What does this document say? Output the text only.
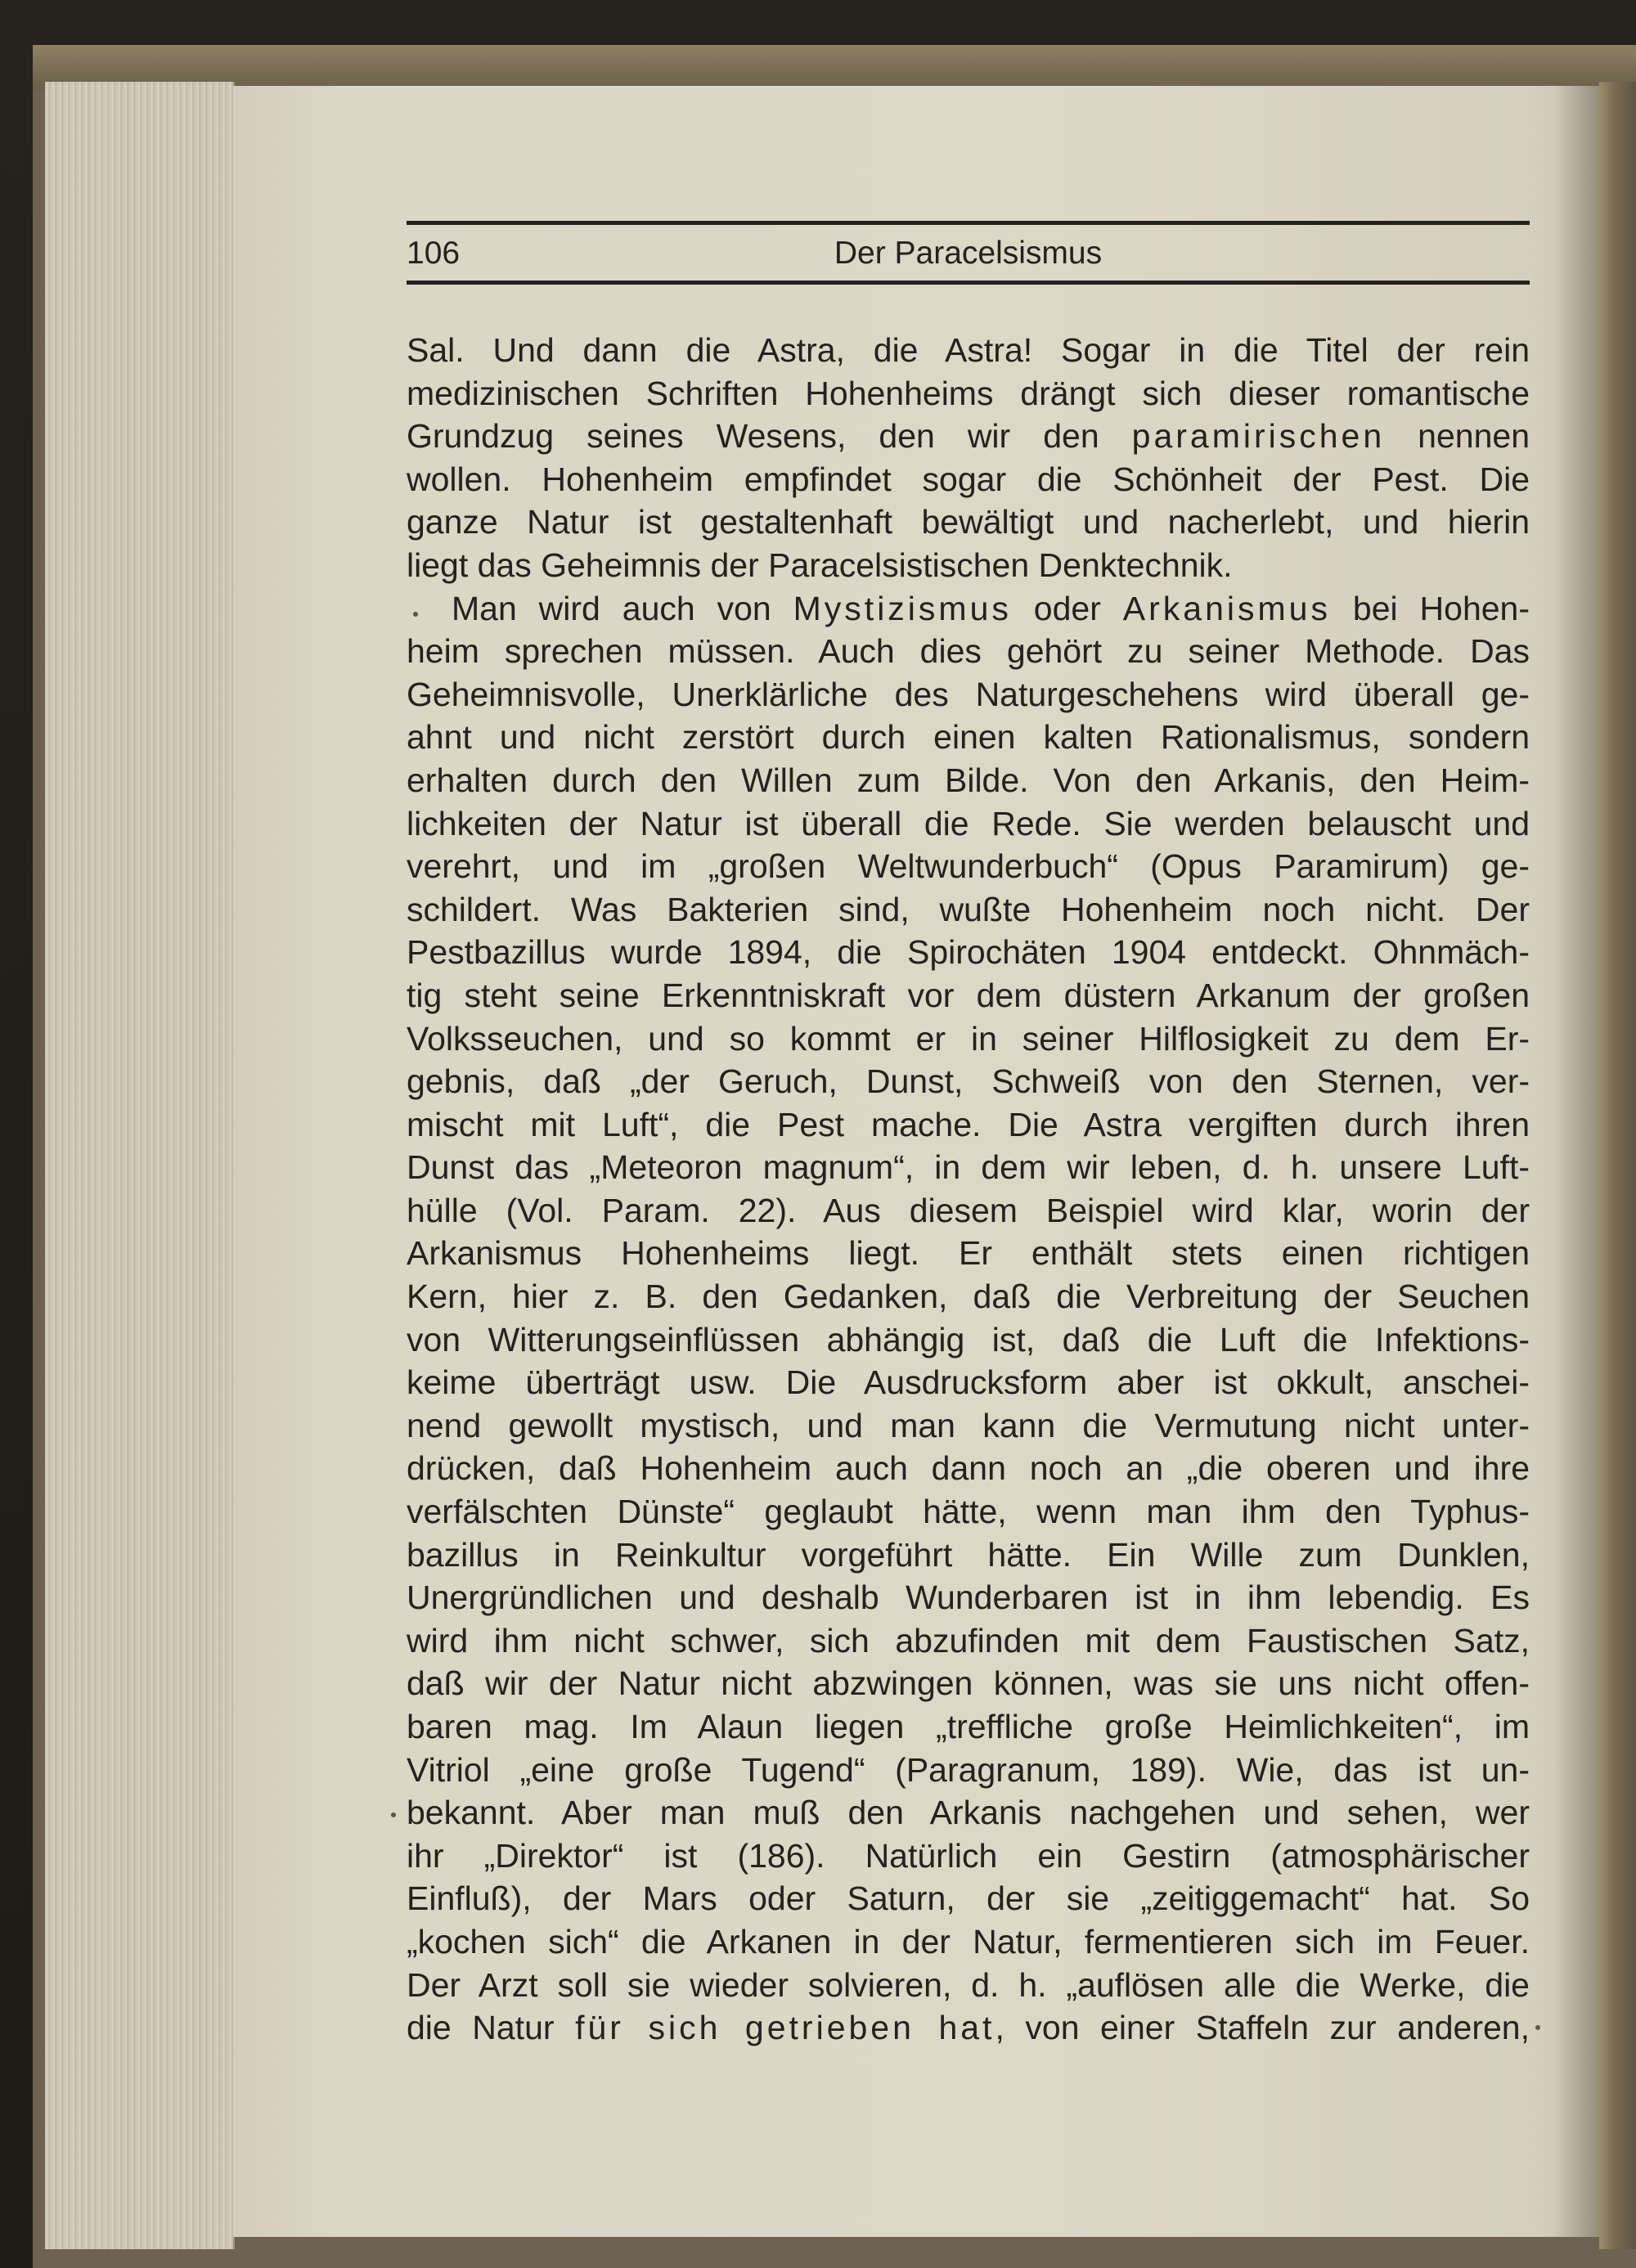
106	Der Paracelsismus
Sal. Und dann die Astra, die Astra! Sogar in die Titel der rein
medizinischen Schriften Hohenheims drängt sich dieser romantische
Grundzug seines Wesens, den wir den paramirischen nennen
wollen. Hohenheim empfindet sogar die Schönheit der Pest. Die
ganze Natur ist gestaltenhaft bewältigt und nacherlebt, und hierin
liegt das Geheimnis der Paracelsistischen Denktechnik.
Man wird auch von Mystizismus oder Arkanismus bei Hohen-
heim sprechen müssen. Auch dies gehört zu seiner Methode. Das
Geheimnisvolle, Unerklärliche des Naturgeschehens wird überall ge-
ahnt und nicht zerstört durch einen kalten Rationalismus, sondern
erhalten durch den Willen zum Bilde. Von den Arkanis, den Heim-
lichkeiten der Natur ist überall die Rede. Sie werden belauscht und
verehrt, und im „großen Weltwunderbuch“ (Opus Paramirum) ge-
schildert. Was Bakterien sind, wußte Hohenheim noch nicht. Der
Pestbazillus wurde 1894, die Spirochäten 1904 entdeckt. Ohnmäch-
tig steht seine Erkenntniskraft vor dem düstern Arkanum der großen
Volksseuchen, und so kommt er in seiner Hilflosigkeit zu dem Er-
gebnis, daß „der Geruch, Dunst, Schweiß von den Sternen, ver-
mischt mit Luft“, die Pest mache. Die Astra vergiften durch ihren
Dunst das „Meteoron magnum“, in dem wir leben, d. h. unsere Luft-
hülle (Vol. Param. 22). Aus diesem Beispiel wird klar, worin der
Arkanismus Hohenheims liegt. Er enthält stets einen richtigen
Kern, hier z. B. den Gedanken, daß die Verbreitung der Seuchen
von Witterungseinflüssen abhängig ist, daß die Luft die Infektions-
keime überträgt usw. Die Ausdrucksform aber ist okkult, anschei-
nend gewollt mystisch, und man kann die Vermutung nicht unter-
drücken, daß Hohenheim auch dann noch an „die oberen und ihre
verfälschten Dünste“ geglaubt hätte, wenn man ihm den Typhus-
bazillus in Reinkultur vorgeführt hätte. Ein Wille zum Dunklen,
Unergründlichen und deshalb Wunderbaren ist in ihm lebendig. Es
wird ihm nicht schwer, sich abzufinden mit dem Faustischen Satz,
daß wir der Natur nicht abzwingen können, was sie uns nicht offen-
baren mag. Im Alaun liegen „treffliche große Heimlichkeiten“, im
Vitriol „eine große Tugend“ (Paragranum, 189). Wie, das ist un-
bekannt. Aber man muß den Arkanis nachgehen und sehen, wer
ihr „Direktor“ ist (186). Natürlich ein Gestirn (atmosphärischer
Einfluß), der Mars oder Saturn, der sie „zeitiggemacht“ hat. So
„kochen sich“ die Arkanen in der Natur, fermentieren sich im Feuer.
Der Arzt soll sie wieder solvieren, d. h. „auflösen alle die Werke, die
die Natur für sich getrieben hat, von einer Staffeln zur anderen,
